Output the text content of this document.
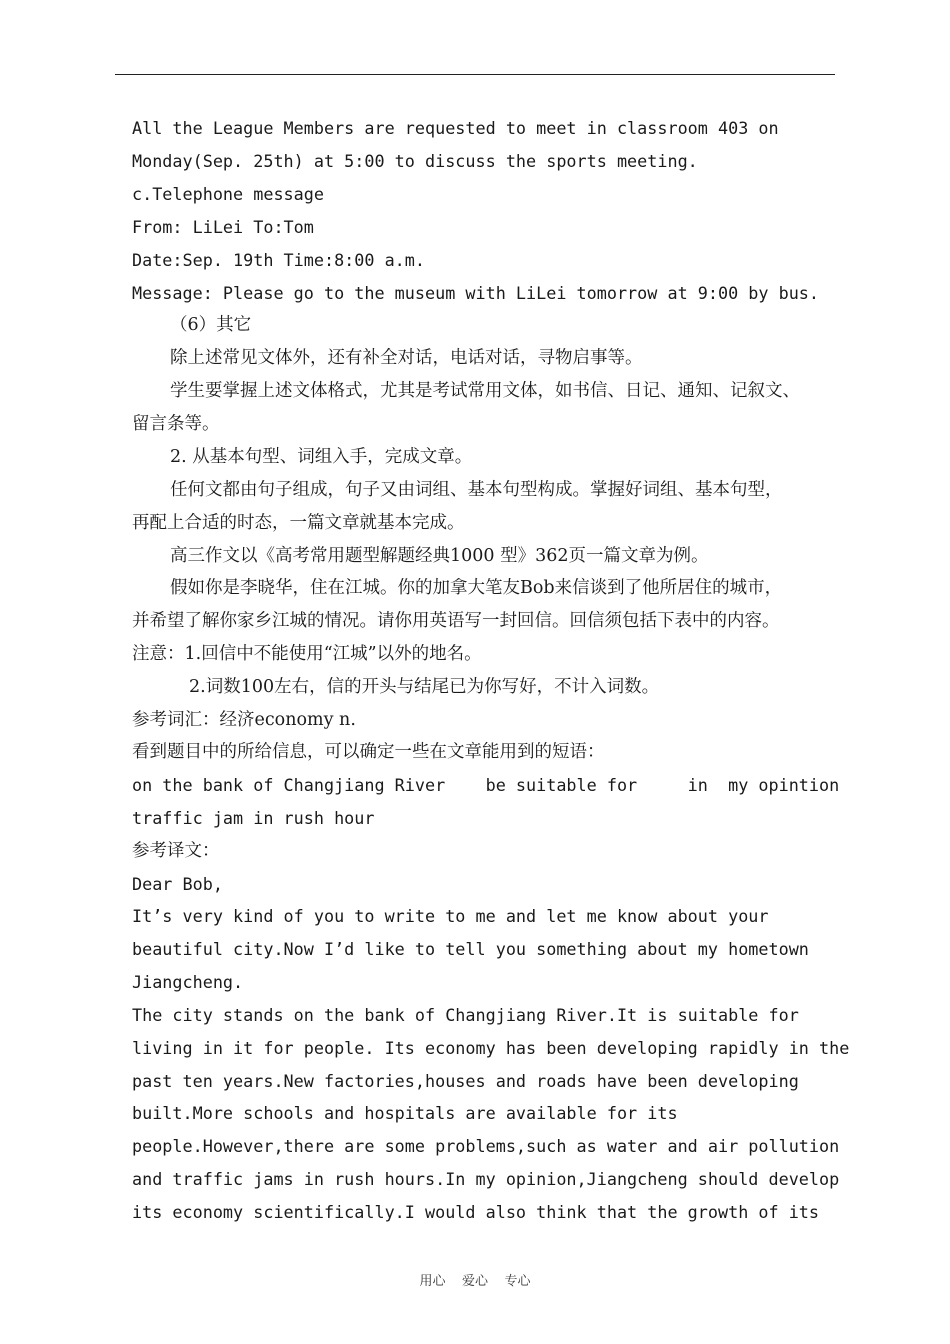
All the League Members are requested to meet in classroom 403 on
Monday(Sep. 25th) at 5:00 to discuss the sports meeting.
c.Telephone message
From: LiLei To:Tom
Date:Sep. 19th Time:8:00 a.m.
Message: Please go to the museum with LiLei tomorrow at 9:00 by bus.
（6）其它
除上述常见文体外，还有补全对话，电话对话，寻物启事等。
学生要掌握上述文体格式，尤其是考试常用文体，如书信、日记、通知、记叙文、
留言条等。
2. 从基本句型、词组入手，完成文章。
任何文都由句子组成，句子又由词组、基本句型构成。掌握好词组、基本句型，
再配上合适的时态，一篇文章就基本完成。
高三作文以《高考常用题型解题经典1000 型》362页一篇文章为例。
假如你是李晓华，住在江城。你的加拿大笔友Bob来信谈到了他所居住的城市，
并希望了解你家乡江城的情况。请你用英语写一封回信。回信须包括下表中的内容。
注意：1.回信中不能使用“江城”以外的地名。
2.词数100左右，信的开头与结尾已为你写好，不计入词数。
参考词汇：经济economy n.
看到题目中的所给信息，可以确定一些在文章能用到的短语：
on the bank of Changjiang River    be suitable for     in  my opintion
traffic jam in rush hour
参考译文：
Dear Bob,
It’s very kind of you to write to me and let me know about your
beautiful city.Now I’d like to tell you something about my hometown
Jiangcheng.
The city stands on the bank of Changjiang River.It is suitable for
living in it for people. Its economy has been developing rapidly in the
past ten years.New factories,houses and roads have been developing
built.More schools and hospitals are available for its
people.However,there are some problems,such as water and air pollution
and traffic jams in rush hours.In my opinion,Jiangcheng should develop
its economy scientifically.I would also think that the growth of its
用心    爱心    专心
